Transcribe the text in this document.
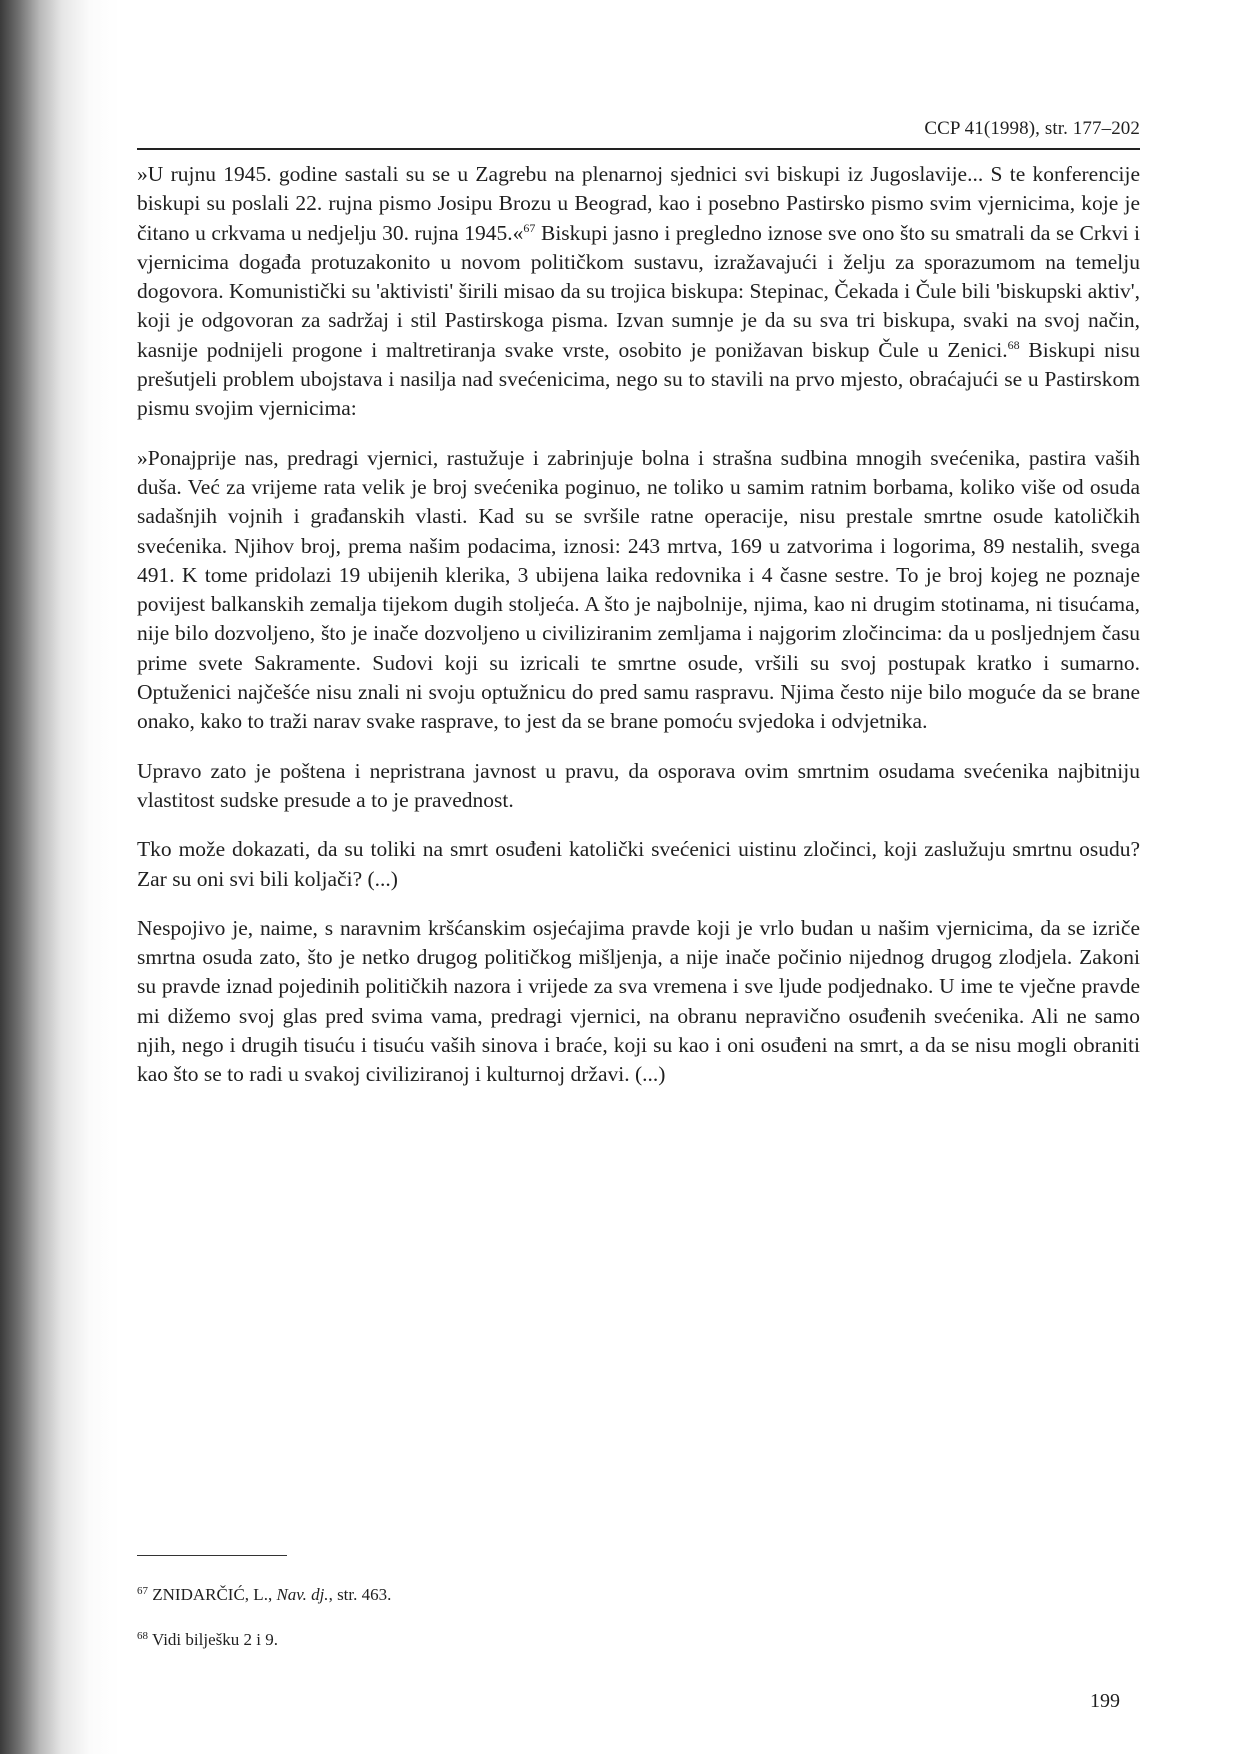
CCP 41(1998), str. 177–202

»U rujnu 1945. godine sastali su se u Zagrebu na plenarnoj sjednici svi biskupi iz Jugoslavije... S te konferencije biskupi su poslali 22. rujna pismo Josipu Brozu u Beograd, kao i posebno Pastirsko pismo svim vjernicima, koje je čitano u crkvama u nedjelju 30. rujna 1945.«$^{67}$ Biskupi jasno i pregledno iznose sve ono što su smatrali da se Crkvi i vjernicima događa protuzakonito u novom političkom sustavu, izražavajući i želju za sporazumom na temelju dogovora. Komunistički su 'aktivisti' širili misao da su trojica biskupa: Stepinac, Čekada i Čule bili 'biskupski aktiv', koji je odgovoran za sadržaj i stil Pastirskoga pisma. Izvan sumnje je da su sva tri biskupa, svaki na svoj način, kasnije podnijeli progone i maltretiranja svake vrste, osobito je ponižavan biskup Čule u Zenici.$^{68}$ Biskupi nisu prešutjeli problem ubojstava i nasilja nad svećenicima, nego su to stavili na prvo mjesto, obraćajući se u Pastirskom pismu svojim vjernicima:

»Ponajprije nas, predragi vjernici, rastužuje i zabrinjuje bolna i strašna sudbina mnogih svećenika, pastira vaših duša. Već za vrijeme rata velik je broj svećenika poginuo, ne toliko u samim ratnim borbama, koliko više od osuda sadašnjih vojnih i građanskih vlasti. Kad su se svršile ratne operacije, nisu prestale smrtne osude katoličkih svećenika. Njihov broj, prema našim podacima, iznosi: 243 mrtva, 169 u zatvorima i logorima, 89 nestalih, svega 491. K tome pridolazi 19 ubijenih klerika, 3 ubijena laika redovnika i 4 časne sestre. To je broj kojeg ne poznaje povijest balkanskih zemalja tijekom dugih stoljeća. A što je najbolnije, njima, kao ni drugim stotinama, ni tisućama, nije bilo dozvoljeno, što je inače dozvoljeno u civiliziranim zemljama i najgorim zločincima: da u posljednjem času prime svete Sakramente. Sudovi koji su izricali te smrtne osude, vršili su svoj postupak kratko i sumarno. Optuženici najčešće nisu znali ni svoju optužnicu do pred samu raspravu. Njima često nije bilo moguće da se brane onako, kako to traži narav svake rasprave, to jest da se brane pomoću svjedoka i odvjetnika.

Upravo zato je poštena i nepristrana javnost u pravu, da osporava ovim smrtnim osudama svećenika najbitniju vlastitost sudske presude a to je pravednost.

Tko može dokazati, da su toliki na smrt osuđeni katolički svećenici uistinu zločinci, koji zaslužuju smrtnu osudu? Zar su oni svi bili koljači? (...)

Nespojivo je, naime, s naravnim kršćanskim osjećajima pravde koji je vrlo budan u našim vjernicima, da se izriče smrtna osuda zato, što je netko drugog političkog mišljenja, a nije inače počinio nijednog drugog zlodjela. Zakoni su pravde iznad pojedinih političkih nazora i vrijede za sva vremena i sve ljude podjednako. U ime te vječne pravde mi dižemo svoj glas pred svima vama, predragi vjernici, na obranu nepravično osuđenih svećenika. Ali ne samo njih, nego i drugih tisuću i tisuću vaših sinova i braće, koji su kao i oni osuđeni na smrt, a da se nisu mogli obraniti kao što se to radi u svakoj civiliziranoj i kulturnoj državi. (...)

$^{67}$ ZNIDARČIĆ, L., Nav. dj., str. 463.
$^{68}$ Vidi bilješku 2 i 9.
199
